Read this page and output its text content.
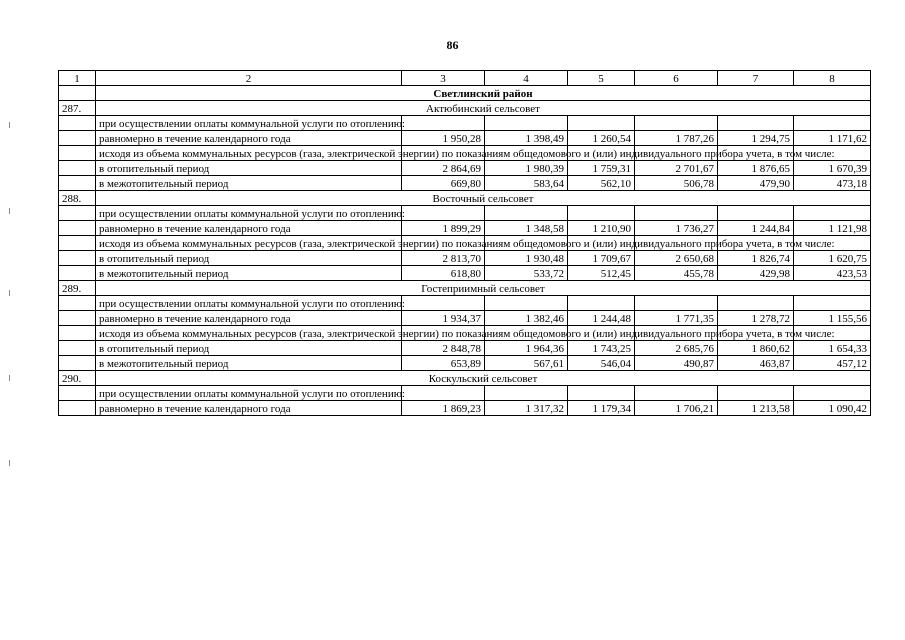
86
1	2	3	4	5	6	7	8
	Светлинский район						
287.	Актюбинский сельсовет						
	при осуществлении оплаты коммунальной услуги по отоплению:						
	равномерно в течение календарного года	1 950,28	1 398,49	1 260,54	1 787,26	1 294,75	1 171,62
	исходя из объема коммунальных ресурсов (газа, электрической энергии) по показаниям общедомового и (или) индивидуального прибора учета, в том числе:						
	в отопительный период	2 864,69	1 980,39	1 759,31	2 701,67	1 876,65	1 670,39
	в межотопительный период	669,80	583,64	562,10	506,78	479,90	473,18
288.	Восточный сельсовет						
	при осуществлении оплаты коммунальной услуги по отоплению:						
	равномерно в течение календарного года	1 899,29	1 348,58	1 210,90	1 736,27	1 244,84	1 121,98
	исходя из объема коммунальных ресурсов (газа, электрической энергии) по показаниям общедомового и (или) индивидуального прибора учета, в том числе:						
	в отопительный период	2 813,70	1 930,48	1 709,67	2 650,68	1 826,74	1 620,75
	в межотопительный период	618,80	533,72	512,45	455,78	429,98	423,53
289.	Гостеприимный сельсовет						
	при осуществлении оплаты коммунальной услуги по отоплению:						
	равномерно в течение календарного года	1 934,37	1 382,46	1 244,48	1 771,35	1 278,72	1 155,56
	исходя из объема коммунальных ресурсов (газа, электрической энергии) по показаниям общедомового и (или) индивидуального прибора учета, в том числе:						
	в отопительный период	2 848,78	1 964,36	1 743,25	2 685,76	1 860,62	1 654,33
	в межотопительный период	653,89	567,61	546,04	490,87	463,87	457,12
290.	Коскульский сельсовет						
	при осуществлении оплаты коммунальной услуги по отоплению:						
	равномерно в течение календарного года	1 869,23	1 317,32	1 179,34	1 706,21	1 213,58	1 090,42
